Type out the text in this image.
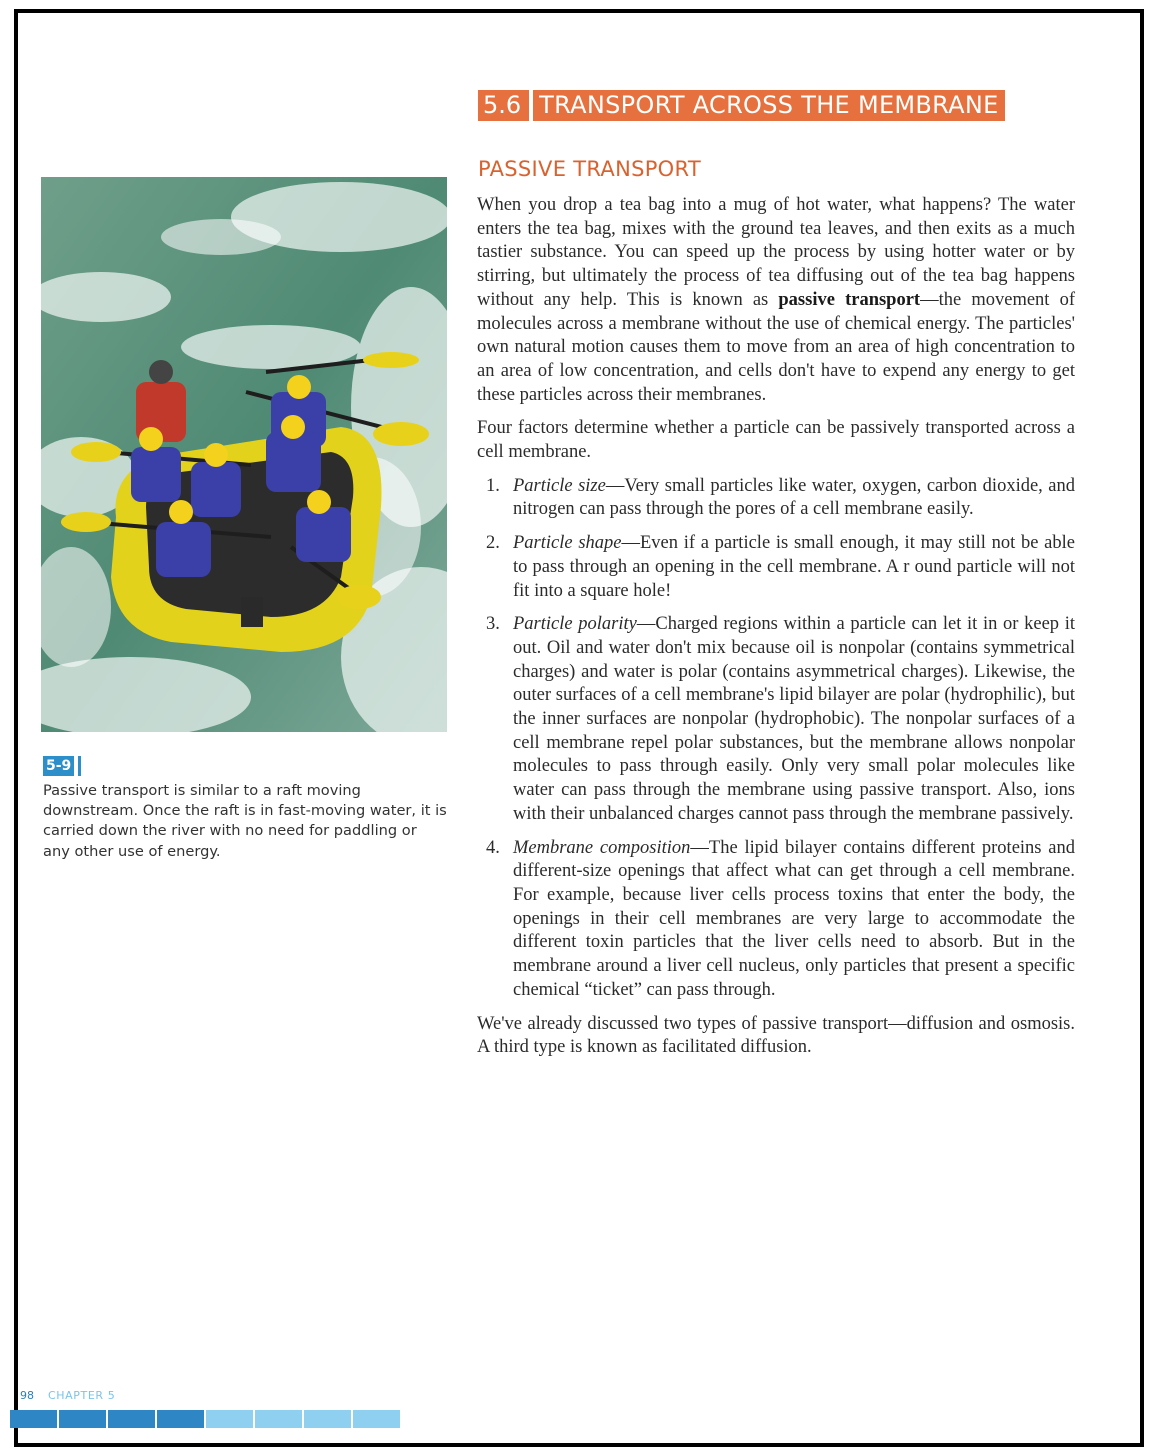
5.6 TRANSPORT ACROSS THE MEMBRANE
PASSIVE TRANSPORT

When you drop a tea bag into a mug of hot water, what happens? The water enters the tea bag, mixes with the ground tea leaves, and then exits as a much tastier substance. You can speed up the process by using hotter water or by stirring, but ultimately the process of tea diffusing out of the tea bag happens without any help. This is known as passive transport—the movement of molecules across a membrane without the use of chemical energy. The particles' own natural motion causes them to move from an area of high concentration to an area of low concentration, and cells don't have to expend any energy to get these particles across their membranes.

Four factors determine whether a particle can be passively transported across a cell membrane.

1. Particle size—Very small particles like water, oxygen, carbon dioxide, and nitrogen can pass through the pores of a cell membrane easily.
2. Particle shape—Even if a particle is small enough, it may still not be able to pass through an opening in the cell membrane. A r ound particle will not fit into a square hole!
3. Particle polarity—Charged regions within a particle can let it in or keep it out. Oil and water don't mix because oil is nonpolar (contains symmetrical charges) and water is polar (contains asymmetrical charges). Likewise, the outer surfaces of a cell membrane's lipid bilayer are polar (hydrophilic), but the inner surfaces are nonpolar (hydrophobic). The nonpolar surfaces of a cell membrane repel polar substances, but the membrane allows nonpolar molecules to pass through easily. Only very small polar molecules like water can pass through the membrane using passive transport. Also, ions with their unbalanced charges cannot pass through the membrane passively.
4. Membrane composition—The lipid bilayer contains different proteins and different-size openings that affect what can get through a cell membrane. For example, because liver cells process toxins that enter the body, the openings in their cell membranes are very large to accommodate the different toxin particles that the liver cells need to absorb. But in the membrane around a liver cell nucleus, only particles that present a specific chemical “ticket” can pass through.

We've already discussed two types of passive transport—diffusion and osmosis. A third type is known as facilitated diffusion.

5-9
Passive transport is similar to a raft moving downstream. Once the raft is in fast-moving water, it is carried down the river with no need for paddling or any other use of energy.
98 CHAPTER 5
